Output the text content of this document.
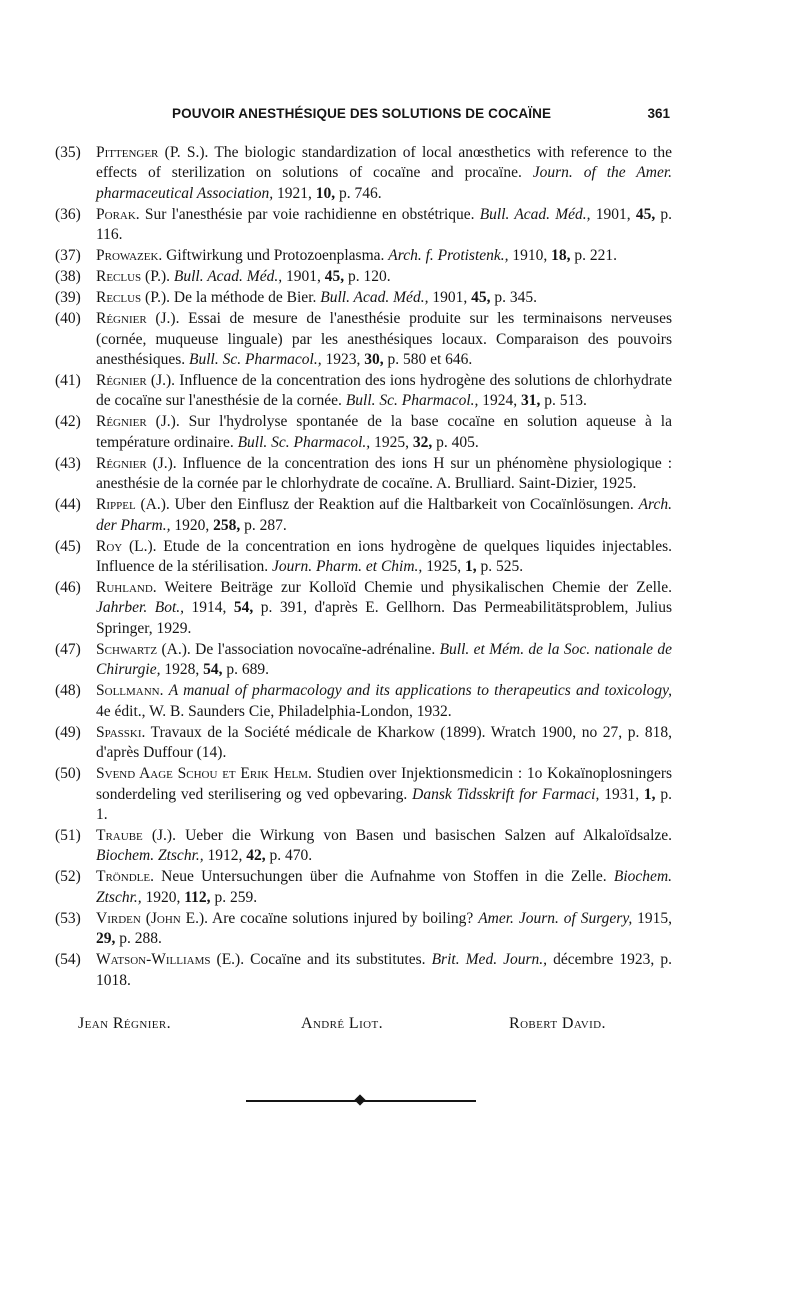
POUVOIR ANESTHÉSIQUE DES SOLUTIONS DE COCAÏNE	361
(35) Pittenger (P. S.). The biologic standardization of local anœsthetics with reference to the effects of sterilization on solutions of cocaïne and procaïne. Journ. of the Amer. pharmaceutical Association, 1921, 10, p. 746.
(36) Porak. Sur l'anesthésie par voie rachidienne en obstétrique. Bull. Acad. Méd., 1901, 45, p. 116.
(37) Prowazek. Giftwirkung und Protozoenplasma. Arch. f. Protistenk., 1910, 18, p. 221.
(38) Reclus (P.). Bull. Acad. Méd., 1901, 45, p. 120.
(39) Reclus (P.). De la méthode de Bier. Bull. Acad. Méd., 1901, 45, p. 345.
(40) Régnier (J.). Essai de mesure de l'anesthésie produite sur les terminaisons nerveuses (cornée, muqueuse linguale) par les anesthésiques locaux. Comparaison des pouvoirs anesthésiques. Bull. Sc. Pharmacol., 1923, 30, p. 580 et 646.
(41) Régnier (J.). Influence de la concentration des ions hydrogène des solutions de chlorhydrate de cocaïne sur l'anesthésie de la cornée. Bull. Sc. Pharmacol., 1924, 31, p. 513.
(42) Régnier (J.). Sur l'hydrolyse spontanée de la base cocaïne en solution aqueuse à la température ordinaire. Bull. Sc. Pharmacol., 1925, 32, p. 405.
(43) Régnier (J.). Influence de la concentration des ions H sur un phénomène physiologique : anesthésie de la cornée par le chlorhydrate de cocaïne. A. Brulliard. Saint-Dizier, 1925.
(44) Rippel (A.). Uber den Einflusz der Reaktion auf die Haltbarkeit von Cocaïnlösungen. Arch. der Pharm., 1920, 258, p. 287.
(45) Roy (L.). Etude de la concentration en ions hydrogène de quelques liquides injectables. Influence de la stérilisation. Journ. Pharm. et Chim., 1925, 1, p. 525.
(46) Ruhland. Weitere Beiträge zur Kolloïd Chemie und physikalischen Chemie der Zelle. Jahrber. Bot., 1914, 54, p. 391, d'après E. Gellhorn. Das Permeabilitätsproblem, Julius Springer, 1929.
(47) Schwartz (A.). De l'association novocaïne-adrénaline. Bull. et Mém. de la Soc. nationale de Chirurgie, 1928, 54, p. 689.
(48) Sollmann. A manual of pharmacology and its applications to therapeutics and toxicology, 4e édit., W. B. Saunders Cie, Philadelphia-London, 1932.
(49) Spasski. Travaux de la Société médicale de Kharkow (1899). Wratch 1900, no 27, p. 818, d'après Duffour (14).
(50) Svend Aage Schou et Erik Helm. Studien over Injektionsmedicin : 1o Kokaïnoplosningers sonderdeling ved sterilisering og ved opbevaring. Dansk Tidsskrift for Farmaci, 1931, 1, p. 1.
(51) Traube (J.). Ueber die Wirkung von Basen und basischen Salzen auf Alkaloïdsalze. Biochem. Ztschr., 1912, 42, p. 470.
(52) Tröndle. Neue Untersuchungen über die Aufnahme von Stoffen in die Zelle. Biochem. Ztschr., 1920, 112, p. 259.
(53) Virden (John E.). Are cocaïne solutions injured by boiling? Amer. Journ. of Surgery, 1915, 29, p. 288.
(54) Watson-Williams (E.). Cocaïne and its substitutes. Brit. Med. Journ., décembre 1923, p. 1018.
Jean Régnier.	André Liot.	Robert David.
